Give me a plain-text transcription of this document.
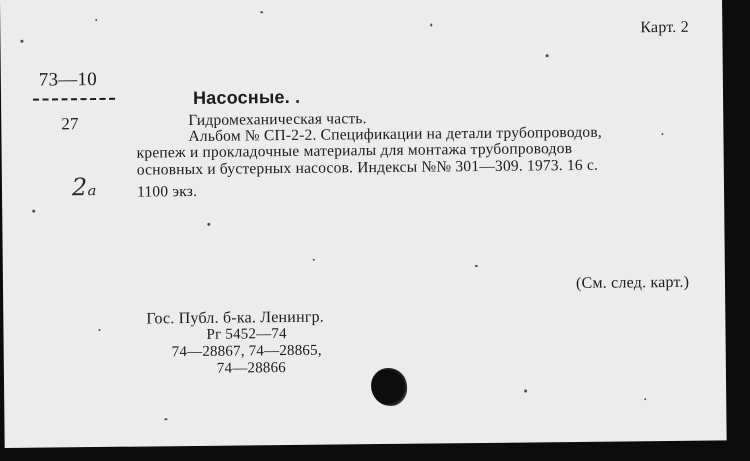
Карт. 2
73—10
27
2ₐ
Насосные. .
Гидромеханическая часть.
Альбом № СП-2-2. Спецификации на детали трубопроводов,
крепеж и прокладочные материалы для монтажа трубопроводов
основных и бустерных насосов. Индексы №№ 301—309. 1973. 16 с.
1100 экз.
(См. след. карт.)
Гос. Публ. б-ка. Ленингр.
Рг 5452—74
74—28867, 74—28865,
74—28866
